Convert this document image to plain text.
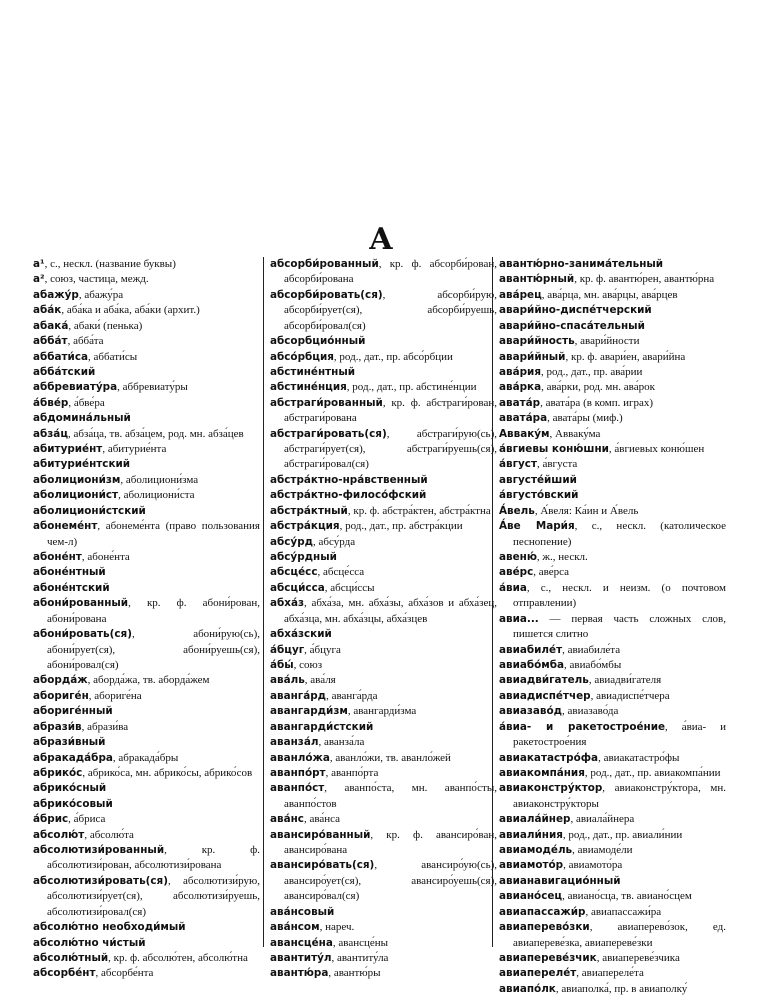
А

а¹, с., нескл. (название буквы)

а², союз, частица, межд.

абажу́р, абажу́ра

аба́к, аба́ка и аба́ка, аба́ки (архит.)

абака́, абаки́ (пенька)

абба́т, абба́та

аббати́са, аббати́сы

абба́тский

аббревиату́ра, аббревиату́ры

а́бве́р, а́бве́ра

абдомина́льный

абза́ц, абза́ца, тв. абза́цем, род. мн. абза́цев

абитурие́нт, абитурие́нта

абитурие́нтский

аболициони́зм, аболициони́зма

аболициони́ст, аболициони́ста

аболициони́стский

абонеме́нт, абонеме́нта (право пользования чем-л)

абоне́нт, абоне́нта

абоне́нтный

абоне́нтский

абони́рованный, кр. ф. абони́рован, абони́рована

абони́ровать(ся), абони́рую(сь), абони́рует(ся), абони́руешь(ся), абони́ровал(ся)

аборда́ж, аборда́жа, тв. аборда́жем

абориге́н, абориге́на

абориге́нный

абрази́в, абрази́ва

абрази́вный

абракада́бра, абракада́бры

абрико́с, абрико́са, мн. абрико́сы, абрико́сов

абрико́сный

абрико́совый

а́брис, а́бриса

абсолю́т, абсолю́та

абсолютизи́рованный, кр. ф. абсолютизи́рован, абсолютизи́рована

абсолютизи́ровать(ся), абсолютизи́рую, абсолютизи́рует(ся), абсолютизи́руешь, абсолютизи́ровал(ся)

абсолю́тно необходи́мый

абсолю́тно чи́стый

абсолю́тный, кр. ф. абсолю́тен, абсолю́тна

абсорбе́нт, абсорбе́нта

абсорби́рованный, кр. ф. абсорби́рован, абсорби́рована

абсорби́ровать(ся), абсорби́рую, абсорби́рует(ся), абсорби́руешь, абсорби́ровал(ся)

абсорбцио́нный

абсо́рбция, род., дат., пр. абсо́рбции

абстине́нтный

абстине́нция, род., дат., пр. абстине́нции

абстраги́рованный, кр. ф. абстраги́рован, абстраги́рована

абстраги́ровать(ся), абстраги́рую(сь), абстраги́рует(ся), абстраги́руешь(ся), абстраги́ровал(ся)

абстра́ктно-нра́вственный

абстра́ктно-филосо́фский

абстра́ктный, кр. ф. абстра́ктен, абстра́ктна

абстра́кция, род., дат., пр. абстра́кции

абсу́рд, абсу́рда

абсу́рдный

абсце́сс, абсце́сса

абсци́сса, абсци́ссы

абха́з, абха́за, мн. абха́зы, абха́зов и абха́зец, абха́зца, мн. абха́зцы, абха́зцев

абха́зский

а́бцуг, а́бцуга

а́бы́, союз

ава́ль, ава́ля

аванга́рд, аванга́рда

авангарди́зм, авангарди́зма

авангарди́стский

аванза́л, аванза́ла

аванло́жа, аванло́жи, тв. аванло́жей

аванпо́рт, аванпо́рта

аванпо́ст, аванпо́ста, мн. аванпо́сты, аванпо́стов

ава́нс, ава́нса

авансиро́ванный, кр. ф. авансиро́ван, авансиро́вана

авансиро́вать(ся), авансиро́ую(сь), авансиро́ует(ся), авансиро́уешь(ся), авансиро́вал(ся)

ава́нсовый

ава́нсом, нареч.

авансце́на, авансце́ны

авантиту́л, авантиту́ла

авантю́ра, авантю́ры

авантю́рно-занима́тельный

авантю́рный, кр. ф. авантю́рен, авантю́рна

ава́рец, ава́рца, мн. ава́рцы, ава́рцев

авари́йно-диспе́тчерский

авари́йно-спаса́тельный

авари́йность, авари́йности

авари́йный, кр. ф. авари́ен, авари́йна

ава́рия, род., дат., пр. ава́рии

ава́рка, ава́рки, род. мн. ава́рок

авата́р, авата́ра (в комп. играх)

авата́ра, авата́ры (миф.)

Авваку́м, Авваку́ма

а́вгиевы коню́шни, а́вгиевых коню́шен

а́вгуст, а́вгуста

августе́йший

а́вгусто́вский

А́вель, А́веля: Ка́ин и А́вель

А́ве Мари́я, с., нескл. (католическое песнопение)

авеню́, ж., нескл.

аве́рс, аве́рса

а́виа, с., нескл. и неизм. (о почтовом отправлении)

авиа... — первая часть сложных слов, пишется слитно

авиабиле́т, авиабиле́та

авиабо́мба, авиабо́мбы

авиадви́гатель, авиадви́гателя

авиадиспе́тчер, авиадиспе́тчера

авиазаво́д, авиазаво́да

а́виа- и ракетострое́ние, а́виа- и ракетострое́ния

авиакатастро́фа, авиакатастро́фы

авиакомпа́ния, род., дат., пр. авиакомпа́нии

авиаконстру́ктор, авиаконстру́ктора, мн. авиаконстру́кторы

авиала́йнер, авиала́йнера

авиали́ния, род., дат., пр. авиали́нии

авиамоде́ль, авиамоде́ли

авиамото́р, авиамото́ра

авианавигацио́нный

авиано́сец, авиано́сца, тв. авиано́сцем

авиапассажи́р, авиапассажи́ра

авиаперево́зки, авиаперево́зок, ед. авиапереве́зка, авиапереве́зки

авиапереве́зчик, авиапереве́зчика

авиапереле́т, авиапереле́та

авиапо́лк, авиаполка́, пр. в авиаполку́
